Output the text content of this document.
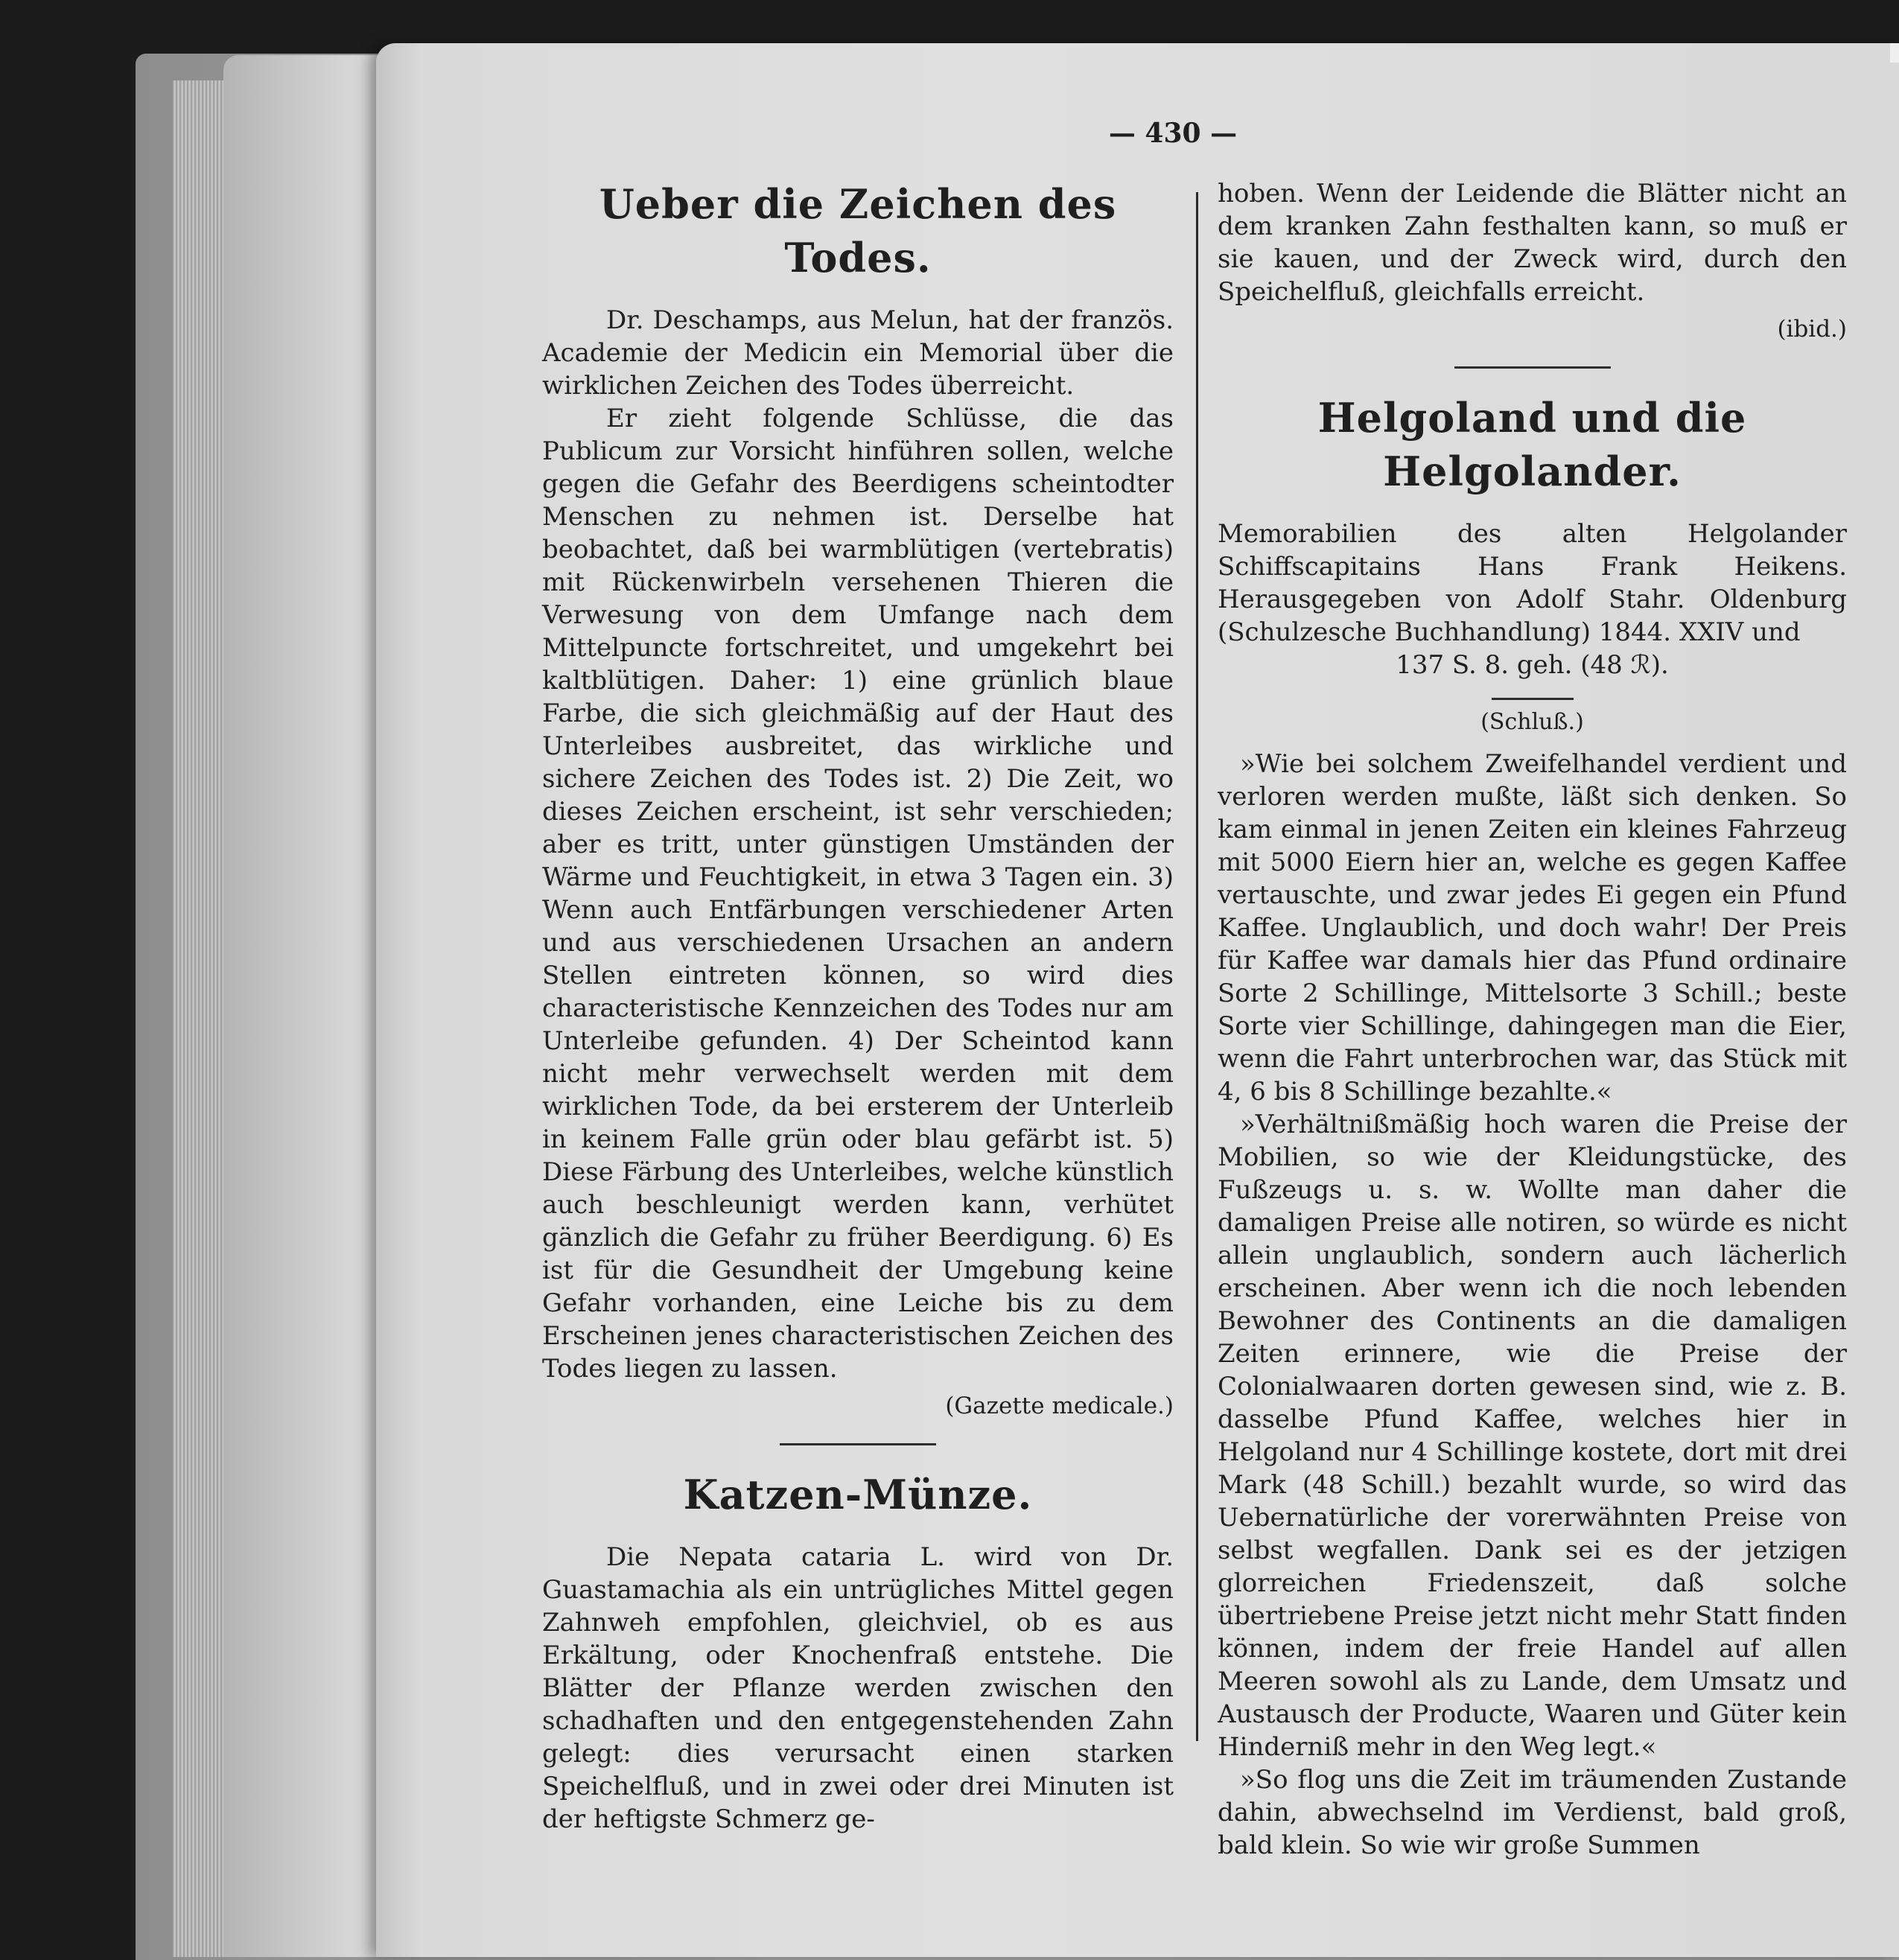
— 430 —
Ueber die Zeichen des Todes.

Dr. Deschamps, aus Melun, hat der französ. Academie der Medicin ein Memorial über die wirklichen Zeichen des Todes überreicht.

Er zieht folgende Schlüsse, die das Publicum zur Vorsicht hinführen sollen, welche gegen die Gefahr des Beerdigens scheintodter Menschen zu nehmen ist. Derselbe hat beobachtet, daß bei warmblütigen (vertebratis) mit Rückenwirbeln versehenen Thieren die Verwesung von dem Umfange nach dem Mittelpuncte fortschreitet, und umgekehrt bei kaltblütigen. Daher: 1) eine grünlich blaue Farbe, die sich gleichmäßig auf der Haut des Unterleibes ausbreitet, das wirkliche und sichere Zeichen des Todes ist. 2) Die Zeit, wo dieses Zeichen erscheint, ist sehr verschieden; aber es tritt, unter günstigen Umständen der Wärme und Feuchtigkeit, in etwa 3 Tagen ein. 3) Wenn auch Entfärbungen verschiedener Arten und aus verschiedenen Ursachen an andern Stellen eintreten können, so wird dies characteristische Kennzeichen des Todes nur am Unterleibe gefunden. 4) Der Scheintod kann nicht mehr verwechselt werden mit dem wirklichen Tode, da bei ersterem der Unterleib in keinem Falle grün oder blau gefärbt ist. 5) Diese Färbung des Unterleibes, welche künstlich auch beschleunigt werden kann, verhütet gänzlich die Gefahr zu früher Beerdigung. 6) Es ist für die Gesundheit der Umgebung keine Gefahr vorhanden, eine Leiche bis zu dem Erscheinen jenes characteristischen Zeichen des Todes liegen zu lassen.

(Gazette medicale.)

Katzen-Münze.

Die Nepata cataria L. wird von Dr. Guastamachia als ein untrügliches Mittel gegen Zahnweh empfohlen, gleichviel, ob es aus Erkältung, oder Knochenfraß entstehe. Die Blätter der Pflanze werden zwischen den schadhaften und den entgegenstehenden Zahn gelegt: dies verursacht einen starken Speichelfluß, und in zwei oder drei Minuten ist der heftigste Schmerz ge-

hoben. Wenn der Leidende die Blätter nicht an dem kranken Zahn festhalten kann, so muß er sie kauen, und der Zweck wird, durch den Speichelfluß, gleichfalls erreicht.

(ibid.)

Helgoland und die Helgolander.

Memorabilien des alten Helgolander Schiffscapitains Hans Frank Heikens. Herausgegeben von Adolf Stahr. Oldenburg (Schulzesche Buchhandlung) 1844. XXIV und

137 S. 8. geh. (48 ℛ).

(Schluß.)

»Wie bei solchem Zweifelhandel verdient und verloren werden mußte, läßt sich denken. So kam einmal in jenen Zeiten ein kleines Fahrzeug mit 5000 Eiern hier an, welche es gegen Kaffee vertauschte, und zwar jedes Ei gegen ein Pfund Kaffee. Unglaublich, und doch wahr! Der Preis für Kaffee war damals hier das Pfund ordinaire Sorte 2 Schillinge, Mittelsorte 3 Schill.; beste Sorte vier Schillinge, dahingegen man die Eier, wenn die Fahrt unterbrochen war, das Stück mit 4, 6 bis 8 Schillinge bezahlte.«

»Verhältnißmäßig hoch waren die Preise der Mobilien, so wie der Kleidungstücke, des Fußzeugs u. s. w. Wollte man daher die damaligen Preise alle notiren, so würde es nicht allein unglaublich, sondern auch lächerlich erscheinen. Aber wenn ich die noch lebenden Bewohner des Continents an die damaligen Zeiten erinnere, wie die Preise der Colonialwaaren dorten gewesen sind, wie z. B. dasselbe Pfund Kaffee, welches hier in Helgoland nur 4 Schillinge kostete, dort mit drei Mark (48 Schill.) bezahlt wurde, so wird das Uebernatürliche der vorerwähnten Preise von selbst wegfallen. Dank sei es der jetzigen glorreichen Friedenszeit, daß solche übertriebene Preise jetzt nicht mehr Statt finden können, indem der freie Handel auf allen Meeren sowohl als zu Lande, dem Umsatz und Austausch der Producte, Waaren und Güter kein Hinderniß mehr in den Weg legt.«

»So flog uns die Zeit im träumenden Zustande dahin, abwechselnd im Verdienst, bald groß, bald klein. So wie wir große Summen
